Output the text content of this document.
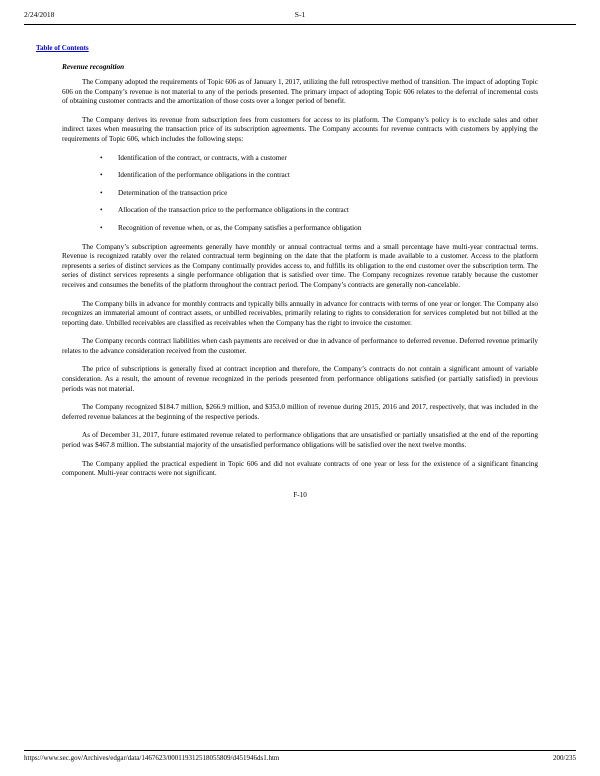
2/24/2018	S-1
Table of Contents
Revenue recognition

The Company adopted the requirements of Topic 606 as of January 1, 2017, utilizing the full retrospective method of transition. The impact of adopting Topic 606 on the Company’s revenue is not material to any of the periods presented. The primary impact of adopting Topic 606 relates to the deferral of incremental costs of obtaining customer contracts and the amortization of those costs over a longer period of benefit.

The Company derives its revenue from subscription fees from customers for access to its platform. The Company’s policy is to exclude sales and other indirect taxes when measuring the transaction price of its subscription agreements. The Company accounts for revenue contracts with customers by applying the requirements of Topic 606, which includes the following steps:

• Identification of the contract, or contracts, with a customer
• Identification of the performance obligations in the contract
• Determination of the transaction price
• Allocation of the transaction price to the performance obligations in the contract
• Recognition of revenue when, or as, the Company satisfies a performance obligation

The Company’s subscription agreements generally have monthly or annual contractual terms and a small percentage have multi-year contractual terms. Revenue is recognized ratably over the related contractual term beginning on the date that the platform is made available to a customer. Access to the platform represents a series of distinct services as the Company continually provides access to, and fulfills its obligation to the end customer over the subscription term. The series of distinct services represents a single performance obligation that is satisfied over time. The Company recognizes revenue ratably because the customer receives and consumes the benefits of the platform throughout the contract period. The Company’s contracts are generally non-cancelable.

The Company bills in advance for monthly contracts and typically bills annually in advance for contracts with terms of one year or longer. The Company also recognizes an immaterial amount of contract assets, or unbilled receivables, primarily relating to rights to consideration for services completed but not billed at the reporting date. Unbilled receivables are classified as receivables when the Company has the right to invoice the customer.

The Company records contract liabilities when cash payments are received or due in advance of performance to deferred revenue. Deferred revenue primarily relates to the advance consideration received from the customer.

The price of subscriptions is generally fixed at contract inception and therefore, the Company’s contracts do not contain a significant amount of variable consideration. As a result, the amount of revenue recognized in the periods presented from performance obligations satisfied (or partially satisfied) in previous periods was not material.

The Company recognized $184.7 million, $266.9 million, and $353.0 million of revenue during 2015, 2016 and 2017, respectively, that was included in the deferred revenue balances at the beginning of the respective periods.

As of December 31, 2017, future estimated revenue related to performance obligations that are unsatisfied or partially unsatisfied at the end of the reporting period was $467.8 million. The substantial majority of the unsatisfied performance obligations will be satisfied over the next twelve months.

The Company applied the practical expedient in Topic 606 and did not evaluate contracts of one year or less for the existence of a significant financing component. Multi-year contracts were not significant.

F-10
https://www.sec.gov/Archives/edgar/data/1467623/000119312518055809/d451946ds1.htm	200/235
